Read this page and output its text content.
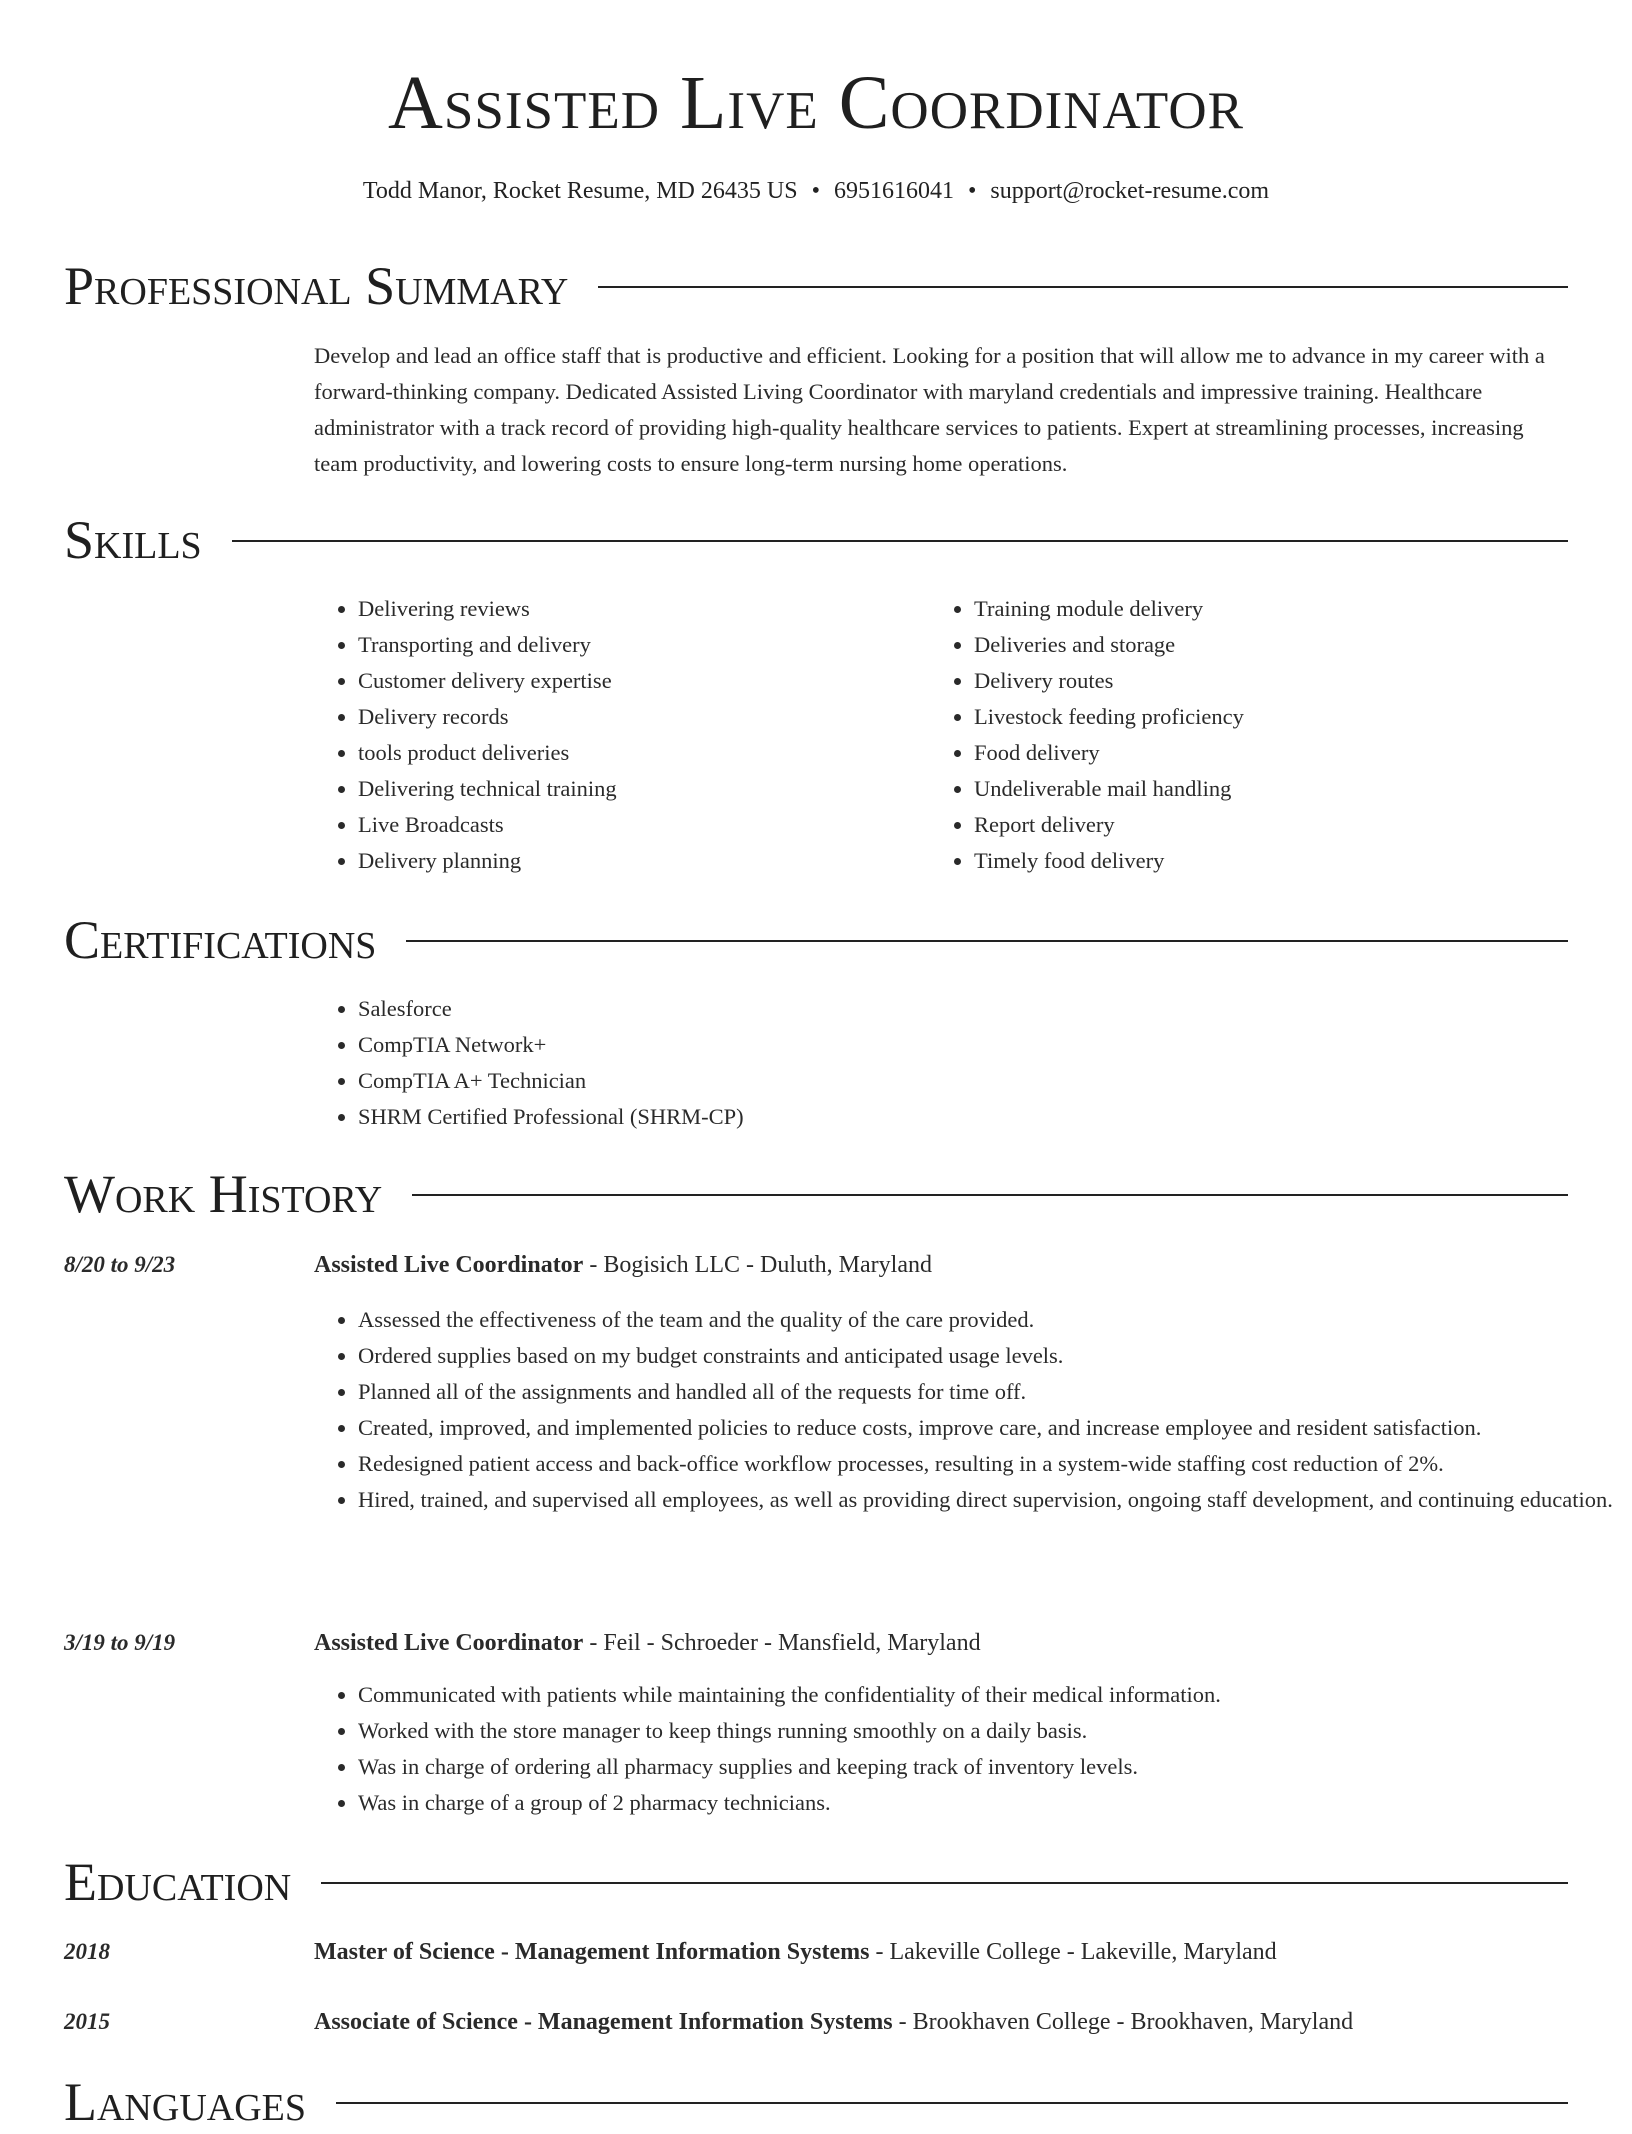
Assisted Live Coordinator
Todd Manor, Rocket Resume, MD 26435 US • 6951616041 • support@rocket-resume.com
Professional Summary
Develop and lead an office staff that is productive and efficient. Looking for a position that will allow me to advance in my career with a forward-thinking company. Dedicated Assisted Living Coordinator with maryland credentials and impressive training. Healthcare administrator with a track record of providing high-quality healthcare services to patients. Expert at streamlining processes, increasing team productivity, and lowering costs to ensure long-term nursing home operations.
Skills
• Delivering reviews
• Transporting and delivery
• Customer delivery expertise
• Delivery records
• tools product deliveries
• Delivering technical training
• Live Broadcasts
• Delivery planning
• Training module delivery
• Deliveries and storage
• Delivery routes
• Livestock feeding proficiency
• Food delivery
• Undeliverable mail handling
• Report delivery
• Timely food delivery
Certifications
• Salesforce
• CompTIA Network+
• CompTIA A+ Technician
• SHRM Certified Professional (SHRM-CP)
Work History
8/20 to 9/23	Assisted Live Coordinator - Bogisich LLC - Duluth, Maryland
• Assessed the effectiveness of the team and the quality of the care provided.
• Ordered supplies based on my budget constraints and anticipated usage levels.
• Planned all of the assignments and handled all of the requests for time off.
• Created, improved, and implemented policies to reduce costs, improve care, and increase employee and resident satisfaction.
• Redesigned patient access and back-office workflow processes, resulting in a system-wide staffing cost reduction of 2%.
• Hired, trained, and supervised all employees, as well as providing direct supervision, ongoing staff development, and continuing education.
3/19 to 9/19	Assisted Live Coordinator - Feil - Schroeder - Mansfield, Maryland
• Communicated with patients while maintaining the confidentiality of their medical information.
• Worked with the store manager to keep things running smoothly on a daily basis.
• Was in charge of ordering all pharmacy supplies and keeping track of inventory levels.
• Was in charge of a group of 2 pharmacy technicians.
Education
2018	Master of Science - Management Information Systems - Lakeville College - Lakeville, Maryland
2015	Associate of Science - Management Information Systems - Brookhaven College - Brookhaven, Maryland
Languages
